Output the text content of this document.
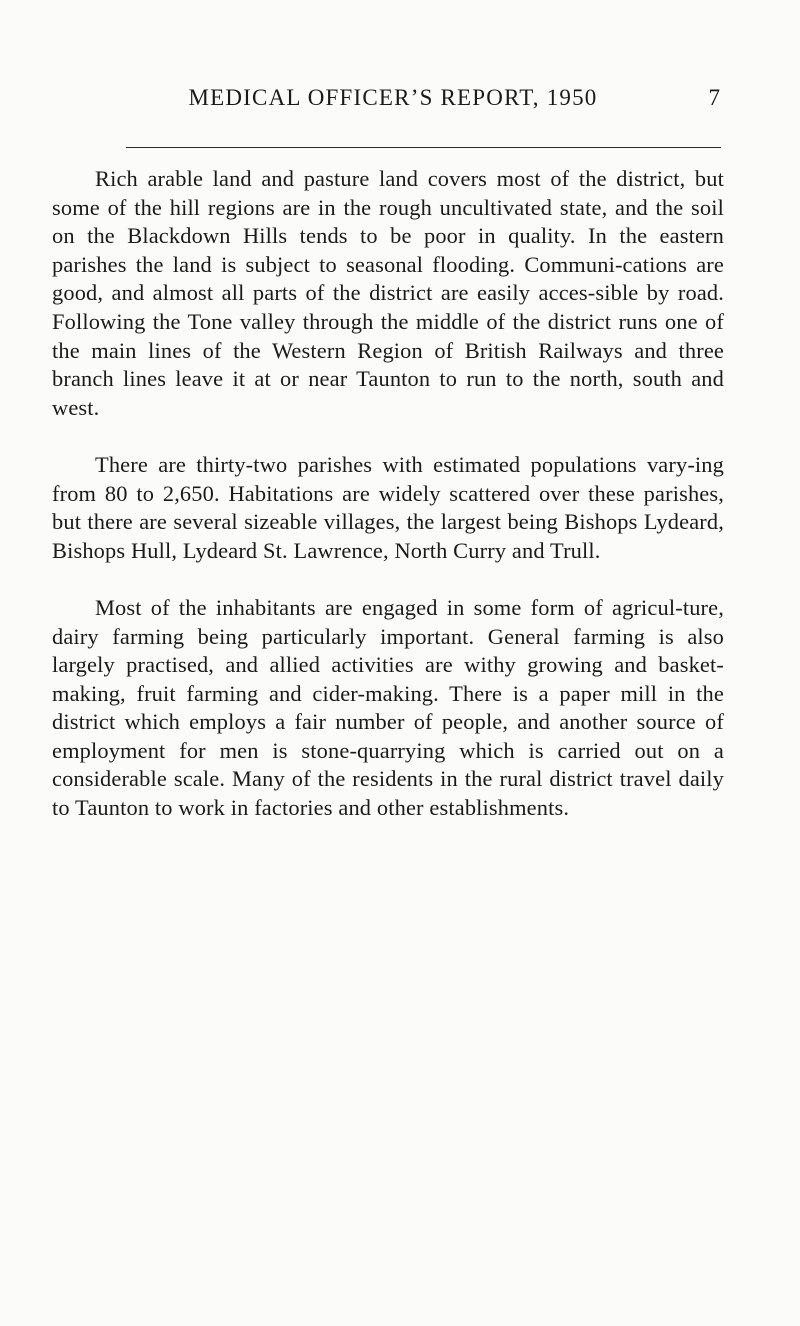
MEDICAL OFFICER’S REPORT, 1950	7

Rich arable land and pasture land covers most of the district, but some of the hill regions are in the rough uncultivated state, and the soil on the Blackdown Hills tends to be poor in quality. In the eastern parishes the land is subject to seasonal flooding. Communi-cations are good, and almost all parts of the district are easily acces-sible by road. Following the Tone valley through the middle of the district runs one of the main lines of the Western Region of British Railways and three branch lines leave it at or near Taunton to run to the north, south and west.

There are thirty-two parishes with estimated populations vary-ing from 80 to 2,650. Habitations are widely scattered over these parishes, but there are several sizeable villages, the largest being Bishops Lydeard, Bishops Hull, Lydeard St. Lawrence, North Curry and Trull.

Most of the inhabitants are engaged in some form of agricul-ture, dairy farming being particularly important. General farming is also largely practised, and allied activities are withy growing and basket-making, fruit farming and cider-making. There is a paper mill in the district which employs a fair number of people, and another source of employment for men is stone-quarrying which is carried out on a considerable scale. Many of the residents in the rural district travel daily to Taunton to work in factories and other establishments.
